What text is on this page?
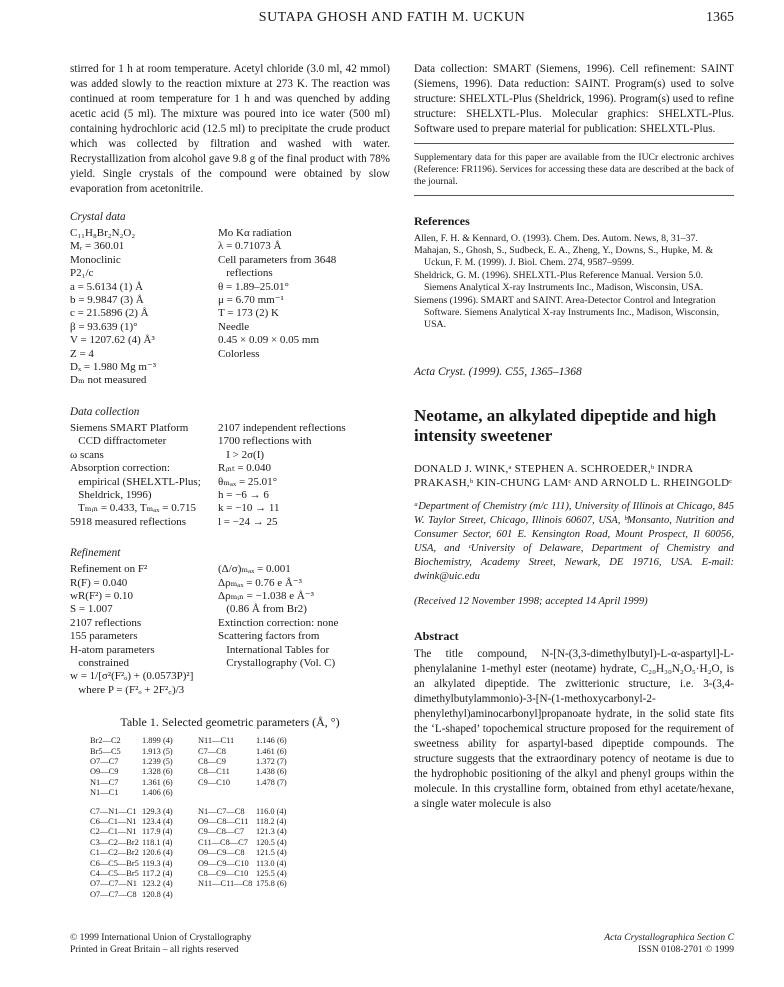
SUTAPA GHOSH AND FATIH M. UCKUN	1365

stirred for 1 h at room temperature. Acetyl chloride (3.0 ml, 42 mmol) was added slowly to the reaction mixture at 273 K. The reaction was continued at room temperature for 1 h and was quenched by adding acetic acid (5 ml). The mixture was poured into ice water (500 ml) containing hydrochloric acid (12.5 ml) to precipitate the crude product which was collected by filtration and washed with water. Recrystallization from alcohol gave 9.8 g of the final product with 78% yield. Single crystals of the compound were obtained by slow evaporation from acetonitrile.

Crystal data
C₁₁H₈Br₂N₂O₂	Mo Kα radiation
Mᵣ = 360.01	λ = 0.71073 Å
Monoclinic	Cell parameters from 3648
P2₁/c	reflections
a = 5.6134 (1) Å	θ = 1.89–25.01°
b = 9.9847 (3) Å	μ = 6.70 mm⁻¹
c = 21.5896 (2) Å	T = 173 (2) K
β = 93.639 (1)°	Needle
V = 1207.62 (4) Å³	0.45 × 0.09 × 0.05 mm
Z = 4	Colorless
Dₓ = 1.980 Mg m⁻³
Dₘ not measured
Data collection
Siemens SMART Platform	2107 independent reflections
CCD diffractometer	1700 reflections with
ω scans	I > 2σ(I)
Absorption correction:	Rᵢₙₜ = 0.040
empirical (SHELXTL-Plus;	θₘₐₓ = 25.01°
Sheldrick, 1996)	h = −6 → 6
Tₘᵢₙ = 0.433, Tₘₐₓ = 0.715	k = −10 → 11
5918 measured reflections	l = −24 → 25
Refinement
Refinement on F²	(Δ/σ)ₘₐₓ = 0.001
R(F) = 0.040	Δρₘₐₓ = 0.76 e Å⁻³
wR(F²) = 0.10	Δρₘᵢₙ = −1.038 e Å⁻³
S = 1.007	(0.86 Å from Br2)
2107 reflections	Extinction correction: none
155 parameters	Scattering factors from
H-atom parameters	International Tables for
constrained	Crystallography (Vol. C)
w = 1/[σ²(F²ₒ) + (0.0573P)²]
where P = (F²ₒ + 2F²꜀)/3
Table 1. Selected geometric parameters (Å, °)
Br2—C2	1.899 (4)	N11—C11	1.146 (6)
Br5—C5	1.913 (5)	C7—C8	1.461 (6)
O7—C7	1.239 (5)	C8—C9	1.372 (7)
O9—C9	1.328 (6)	C8—C11	1.438 (6)
N1—C7	1.361 (6)	C9—C10	1.478 (7)
N1—C1	1.406 (6)
C7—N1—C1 129.3 (4)	N1—C7—C8	116.0 (4)
C6—C1—N1 123.4 (4)	O9—C8—C11 118.2 (4)
C2—C1—N1 117.9 (4)	C9—C8—C7	121.3 (4)
C3—C2—Br2 118.1 (4)	C11—C8—C7 120.5 (4)
C1—C2—Br2 120.6 (4)	O9—C9—C8	121.5 (4)
C6—C5—Br5 119.3 (4)	O9—C9—C10 113.0 (4)
C4—C5—Br5 117.2 (4)	C8—C9—C10 125.5 (4)
O7—C7—N1 123.2 (4)	N11—C11—C8 175.8 (6)
O7—C7—C8 120.8 (4)

Data collection: SMART (Siemens, 1996). Cell refinement: SAINT (Siemens, 1996). Data reduction: SAINT. Program(s) used to solve structure: SHELXTL-Plus (Sheldrick, 1996). Program(s) used to refine structure: SHELXTL-Plus. Molecular graphics: SHELXTL-Plus. Software used to prepare material for publication: SHELXTL-Plus.

Supplementary data for this paper are available from the IUCr electronic archives (Reference: FR1196). Services for accessing these data are described at the back of the journal.

References
Allen, F. H. & Kennard, O. (1993). Chem. Des. Autom. News, 8, 31–37.
Mahajan, S., Ghosh, S., Sudbeck, E. A., Zheng, Y., Downs, S., Hupke, M. & Uckun, F. M. (1999). J. Biol. Chem. 274, 9587–9599.
Sheldrick, G. M. (1996). SHELXTL-Plus Reference Manual. Version 5.0. Siemens Analytical X-ray Instruments Inc., Madison, Wisconsin, USA.
Siemens (1996). SMART and SAINT. Area-Detector Control and Integration Software. Siemens Analytical X-ray Instruments Inc., Madison, Wisconsin, USA.
Acta Cryst. (1999). C55, 1365–1368
Neotame, an alkylated dipeptide and high intensity sweetener
DONALD J. WINK,ᵃ STEPHEN A. SCHROEDER,ᵇ INDRA PRAKASH,ᵇ KIN-CHUNG LAMᶜ AND ARNOLD L. RHEINGOLDᶜ

ᵃDepartment of Chemistry (m/c 111), University of Illinois at Chicago, 845 W. Taylor Street, Chicago, Illinois 60607, USA, ᵇMonsanto, Nutrition and Consumer Sector, 601 E. Kensington Road, Mount Prospect, Il 60056, USA, and ᶜUniversity of Delaware, Department of Chemistry and Biochemistry, Academy Street, Newark, DE 19716, USA. E-mail: dwink@uic.edu

(Received 12 November 1998; accepted 14 April 1999)
Abstract

The title compound, N-[N-(3,3-dimethylbutyl)-L-α-aspartyl]-L-phenylalanine 1-methyl ester (neotame) hydrate, C₂₀H₃₀N₂O₅·H₂O, is an alkylated dipeptide. The zwitterionic structure, i.e. 3-(3,4-dimethylbutylammonio)-3-[N-(1-methoxycarbonyl-2-phenylethyl)aminocarbonyl]propanoate hydrate, in the solid state fits the ‘L-shaped’ topochemical structure proposed for the requirement of sweetness ability for aspartyl-based dipeptide compounds. The structure suggests that the extraordinary potency of neotame is due to the hydrophobic positioning of the alkyl and phenyl groups within the molecule. In this crystalline form, obtained from ethyl acetate/hexane, a single water molecule is also

© 1999 International Union of Crystallography
Printed in Great Britain – all rights reserved
Acta Crystallographica Section C
ISSN 0108-2701 © 1999
